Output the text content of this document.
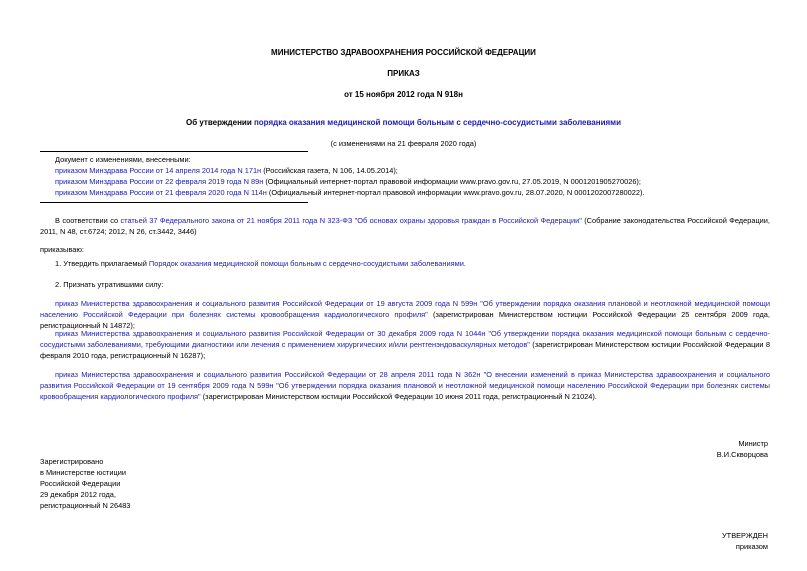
МИНИСТЕРСТВО ЗДРАВООХРАНЕНИЯ РОССИЙСКОЙ ФЕДЕРАЦИИ
ПРИКАЗ
от 15 ноября 2012 года N 918н
Об утверждении порядка оказания медицинской помощи больным с сердечно-сосудистыми заболеваниями
(с изменениями на 21 февраля 2020 года)
Документ с изменениями, внесенными:
приказом Минздрава России от 14 апреля 2014 года N 171н (Российская газета, N 106, 14.05.2014);
приказом Минздрава России от 22 февраля 2019 года N 89н (Официальный интернет-портал правовой информации www.pravo.gov.ru, 27.05.2019, N 0001201905270026);
приказом Минздрава России от 21 февраля 2020 года N 114н (Официальный интернет-портал правовой информации www.pravo.gov.ru, 28.07.2020, N 0001202007280022).
В соответствии со статьей 37 Федерального закона от 21 ноября 2011 года N 323-ФЗ "Об основах охраны здоровья граждан в Российской Федерации" (Собрание законодательства Российской Федерации, 2011, N 48, ст.6724; 2012, N 26, ст.3442, 3446)
приказываю:
1. Утвердить прилагаемый Порядок оказания медицинской помощи больным с сердечно-сосудистыми заболеваниями.
2. Признать утратившими силу:
приказ Министерства здравоохранения и социального развития Российской Федерации от 19 августа 2009 года N 599н "Об утверждении порядка оказания плановой и неотложной медицинской помощи населению Российской Федерации при болезнях системы кровообращения кардиологического профиля" (зарегистрирован Министерством юстиции Российской Федерации 25 сентября 2009 года, регистрационный N 14872);
приказ Министерства здравоохранения и социального развития Российской Федерации от 30 декабря 2009 года N 1044н "Об утверждении порядка оказания медицинской помощи больным с сердечно-сосудистыми заболеваниями, требующими диагностики или лечения с применением хирургических и/или рентгенэндоваскулярных методов" (зарегистрирован Министерством юстиции Российской Федерации 8 февраля 2010 года, регистрационный N 16287);
приказ Министерства здравоохранения и социального развития Российской Федерации от 28 апреля 2011 года N 362н "О внесении изменений в приказ Министерства здравоохранения и социального развития Российской Федерации от 19 сентября 2009 года N 599н "Об утверждении порядка оказания плановой и неотложной медицинской помощи населению Российской Федерации при болезнях системы кровообращения кардиологического профиля" (зарегистрирован Министерством юстиции Российской Федерации 10 июня 2011 года, регистрационный N 21024).
Министр
В.И.Скворцова
Зарегистрировано
в Министерстве юстиции
Российской Федерации
29 декабря 2012 года,
регистрационный N 26483
УТВЕРЖДЕН
приказом
